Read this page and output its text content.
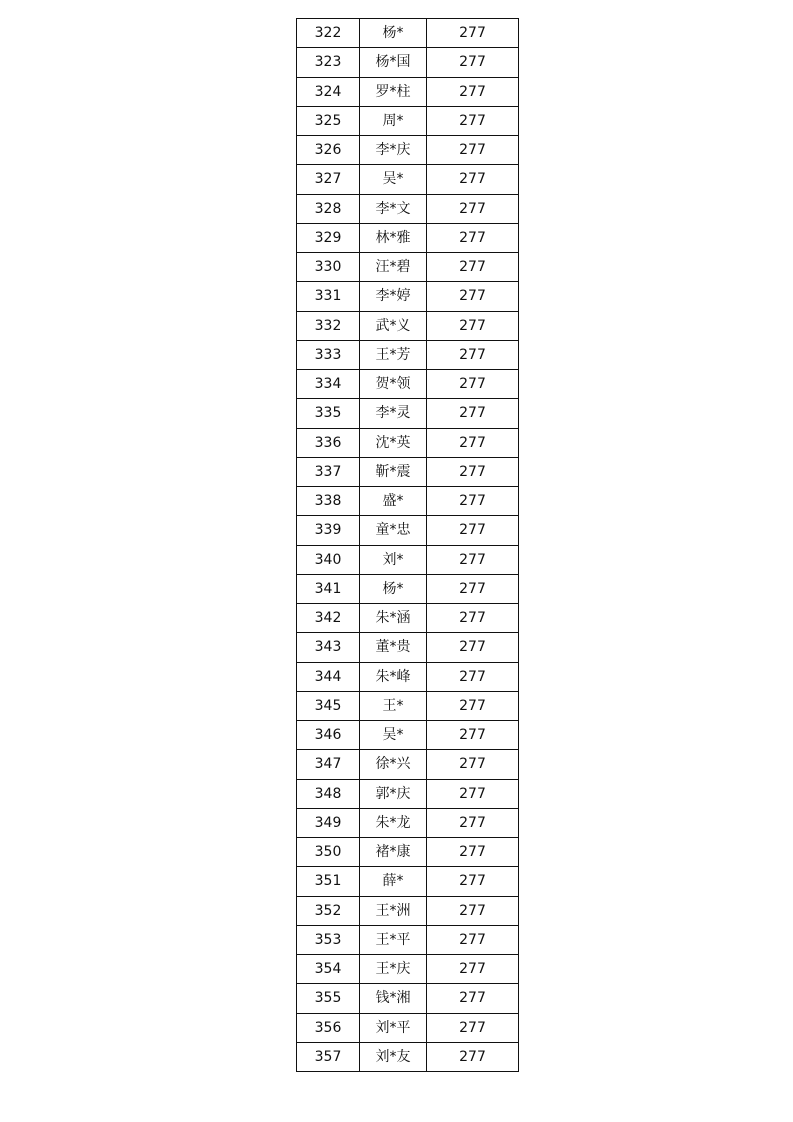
322	杨*	277
323	杨*国	277
324	罗*柱	277
325	周*	277
326	李*庆	277
327	吴*	277
328	李*文	277
329	林*雅	277
330	汪*碧	277
331	李*婷	277
332	武*义	277
333	王*芳	277
334	贺*领	277
335	李*灵	277
336	沈*英	277
337	靳*震	277
338	盛*	277
339	童*忠	277
340	刘*	277
341	杨*	277
342	朱*涵	277
343	董*贵	277
344	朱*峰	277
345	王*	277
346	吴*	277
347	徐*兴	277
348	郭*庆	277
349	朱*龙	277
350	褚*康	277
351	薛*	277
352	王*洲	277
353	王*平	277
354	王*庆	277
355	钱*湘	277
356	刘*平	277
357	刘*友	277
